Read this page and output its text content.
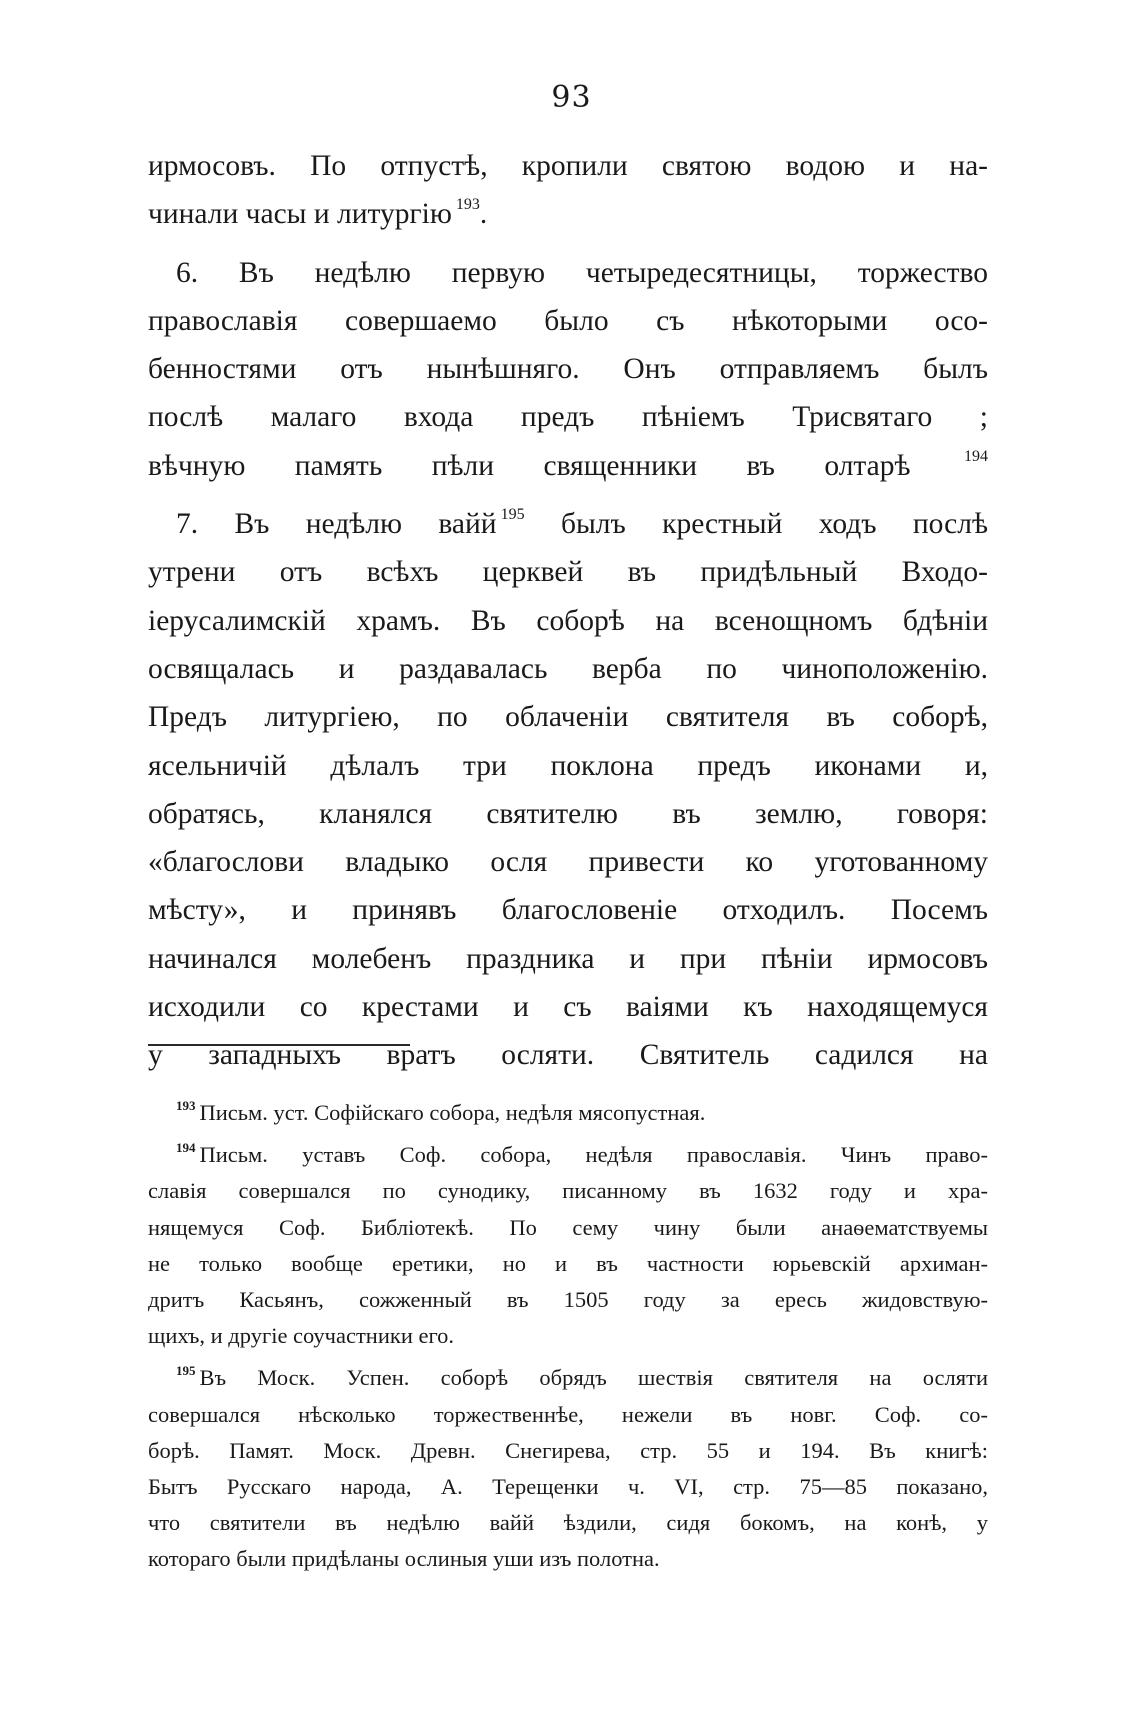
93
ирмосовъ. По отпустѣ, кропили святою водою и на-
чинали часы и литургію $^{193}$.
6. Въ недѣлю первую четыредесятницы, торжество
православія совершаемо было съ нѣкоторыми осо-
бенностями отъ нынѣшняго. Онъ отправляемъ былъ
послѣ малаго входа предъ пѣніемъ Трисвятаго ;
вѣчную память пѣли священники въ олтарѣ	$^{194}$
7. Въ недѣлю вайй $^{195}$ былъ крестный ходъ послѣ
утрени отъ всѣхъ церквей въ придѣльный Входо-
іерусалимскій храмъ. Въ соборѣ на всенощномъ бдѣніи
освящалась и раздавалась верба по чиноположенію.
Предъ литургіею, по облаченіи святителя въ соборѣ,
ясельничій дѣлалъ три поклона предъ иконами и,
обратясь, кланялся святителю въ землю, говоря:
«благослови владыко осля привести ко уготованному
мѣсту», и принявъ благословеніе отходилъ. Посемъ
начинался молебенъ праздника и при пѣніи ирмосовъ
исходили со крестами и съ ваіями къ находящемуся
у западныхъ вратъ осляти. Святитель садился на
$^{193}$ Письм. уст. Софійскаго собора, недѣля мясопустная.
$^{194}$ Письм. уставъ Соф. собора, недѣля православія. Чинъ право-
славія совершался по сунодику, писанному въ 1632 году и хра-
нящемуся Соф. Библіотекѣ. По сему чину были анаѳематствуемы
не только вообще еретики, но и въ частности юрьевскій архиман-
дритъ Касьянъ, сожженный въ 1505 году за ересь жидовствую-
щихъ, и другіе соучастники его.
$^{195}$ Въ Моск. Успен. соборѣ обрядъ шествія святителя на осляти
совершался нѣсколько торжественнѣе, нежели въ новг. Соф. со-
борѣ. Памят. Моск. Древн. Снегирева, стр. 55 и 194. Въ книгѣ:
Бытъ Русскаго народа, А. Терещенки ч. VI, стр. 75—85 показано,
что святители въ недѣлю вайй ѣздили, сидя бокомъ, на конѣ, у
котораго были придѣланы ослиныя уши изъ полотна.
